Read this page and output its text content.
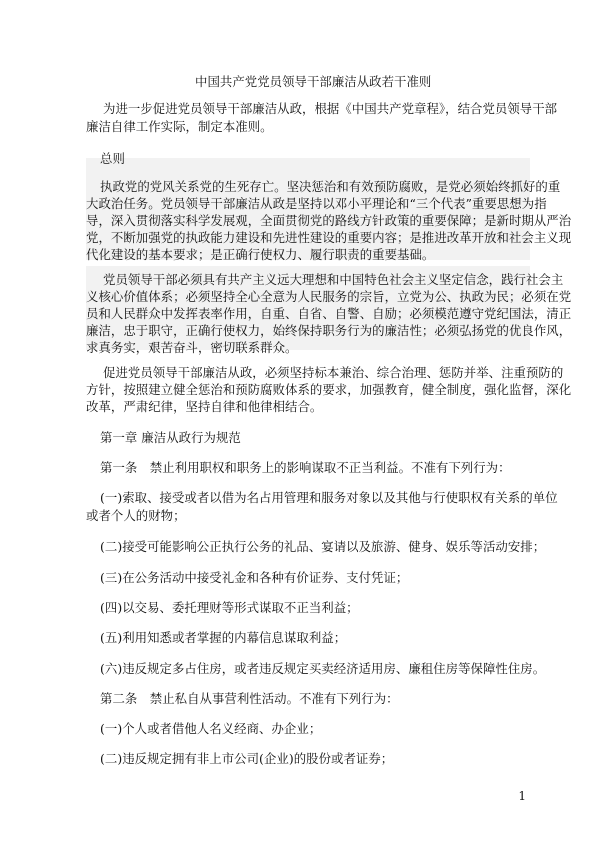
中国共产党党员领导干部廉洁从政若干准则
为进一步促进党员领导干部廉洁从政，根据《中国共产党章程》，结合党员领导干部
廉洁自律工作实际，制定本准则。
总则
执政党的党风关系党的生死存亡。坚决惩治和有效预防腐败，是党必须始终抓好的重
大政治任务。党员领导干部廉洁从政是坚持以邓小平理论和“三个代表”重要思想为指
导，深入贯彻落实科学发展观，全面贯彻党的路线方针政策的重要保障；是新时期从严治
党，不断加强党的执政能力建设和先进性建设的重要内容；是推进改革开放和社会主义现
代化建设的基本要求；是正确行使权力、履行职责的重要基础。
党员领导干部必须具有共产主义远大理想和中国特色社会主义坚定信念，践行社会主
义核心价值体系；必须坚持全心全意为人民服务的宗旨，立党为公、执政为民；必须在党
员和人民群众中发挥表率作用，自重、自省、自警、自励；必须模范遵守党纪国法，清正
廉洁，忠于职守，正确行使权力，始终保持职务行为的廉洁性；必须弘扬党的优良作风，
求真务实，艰苦奋斗，密切联系群众。
促进党员领导干部廉洁从政，必须坚持标本兼治、综合治理、惩防并举、注重预防的
方针，按照建立健全惩治和预防腐败体系的要求，加强教育，健全制度，强化监督，深化
改革，严肃纪律，坚持自律和他律相结合。
第一章 廉洁从政行为规范
第一条　禁止利用职权和职务上的影响谋取不正当利益。不准有下列行为：
(一)索取、接受或者以借为名占用管理和服务对象以及其他与行使职权有关系的单位
或者个人的财物；
(二)接受可能影响公正执行公务的礼品、宴请以及旅游、健身、娱乐等活动安排；
(三)在公务活动中接受礼金和各种有价证券、支付凭证；
(四)以交易、委托理财等形式谋取不正当利益；
(五)利用知悉或者掌握的内幕信息谋取利益；
(六)违反规定多占住房，或者违反规定买卖经济适用房、廉租住房等保障性住房。
第二条　禁止私自从事营利性活动。不准有下列行为：
(一)个人或者借他人名义经商、办企业；
(二)违反规定拥有非上市公司(企业)的股份或者证券；
1
